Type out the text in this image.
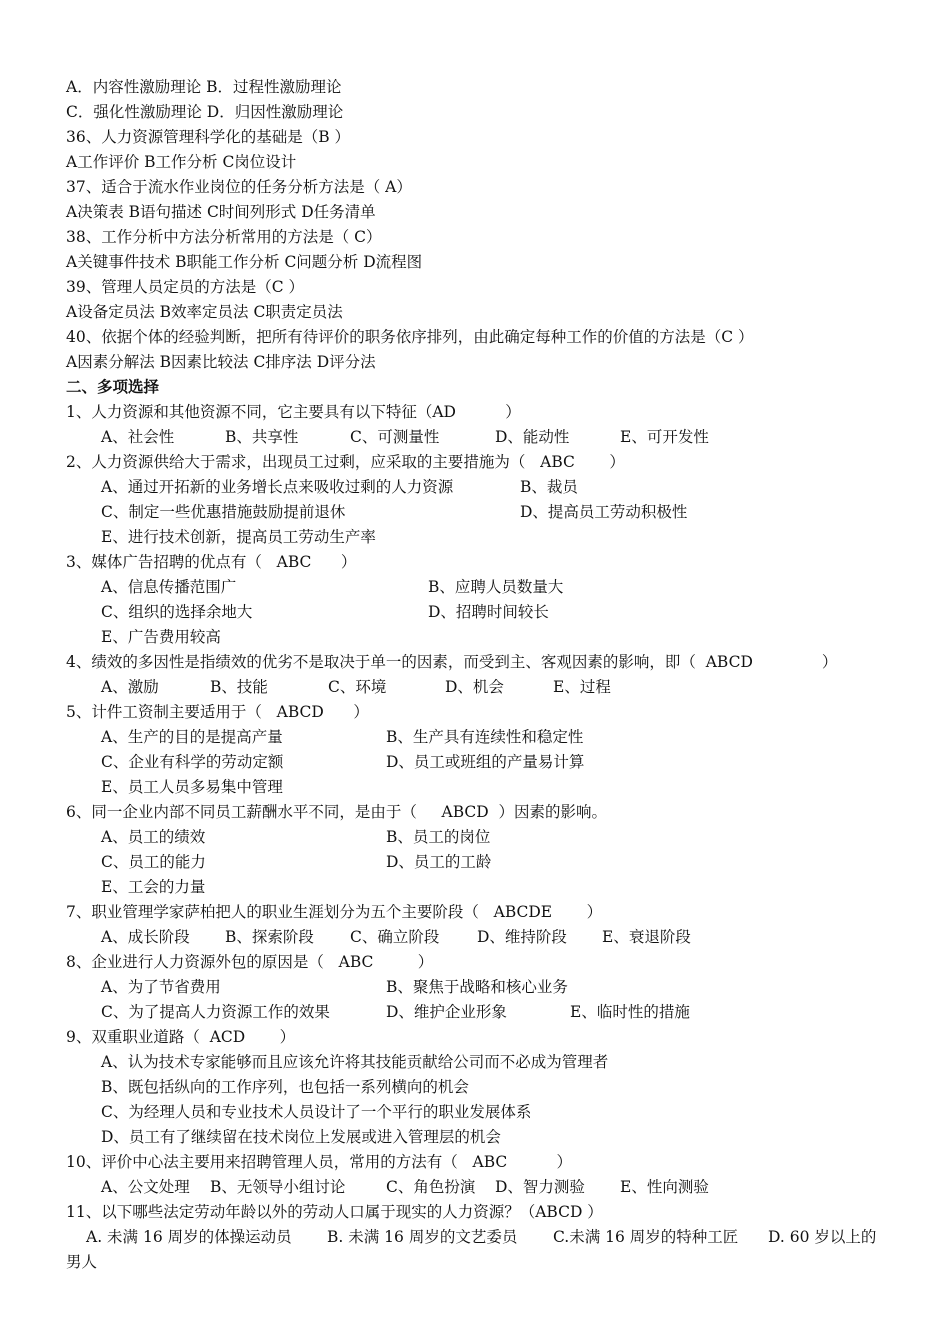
A．内容性激励理论 B．过程性激励理论
C．强化性激励理论 D．归因性激励理论
36、人力资源管理科学化的基础是（B ）
A工作评价 B工作分析 C岗位设计
37、适合于流水作业岗位的任务分析方法是（ A）
A决策表 B语句描述 C时间列形式 D任务清单
38、工作分析中方法分析常用的方法是（ C）
A关键事件技术 B职能工作分析 C问题分析 D流程图
39、管理人员定员的方法是（C ）
A设备定员法 B效率定员法 C职责定员法
40、依据个体的经验判断，把所有待评价的职务依序排列，由此确定每种工作的价值的方法是（C ）
A因素分解法 B因素比较法 C排序法 D评分法
二、多项选择
1、人力资源和其他资源不同，它主要具有以下特征（AD          ）
A、社会性	B、共享性	C、可测量性	D、能动性	E、可开发性
2、人力资源供给大于需求，出现员工过剩，应采取的主要措施为（   ABC       ）
A、通过开拓新的业务增长点来吸收过剩的人力资源	B、裁员
C、制定一些优惠措施鼓励提前退休	D、提高员工劳动积极性
E、进行技术创新，提高员工劳动生产率
3、媒体广告招聘的优点有（   ABC      ）
A、信息传播范围广	B、应聘人员数量大
C、组织的选择余地大	D、招聘时间较长
E、广告费用较高
4、绩效的多因性是指绩效的优劣不是取决于单一的因素，而受到主、客观因素的影响，即（  ABCD              ）
A、激励	B、技能	C、环境	D、机会	E、过程
5、计件工资制主要适用于（   ABCD      ）
A、生产的目的是提高产量	B、生产具有连续性和稳定性
C、企业有科学的劳动定额	D、员工或班组的产量易计算
E、员工人员多易集中管理
6、同一企业内部不同员工薪酬水平不同，是由于（     ABCD  ）因素的影响。
A、员工的绩效	B、员工的岗位
C、员工的能力	D、员工的工龄
E、工会的力量
7、职业管理学家萨柏把人的职业生涯划分为五个主要阶段（   ABCDE       ）
A、成长阶段 B、探索阶段 C、确立阶段 D、维持阶段 E、衰退阶段
8、企业进行人力资源外包的原因是（   ABC         ）
A、为了节省费用	B、聚焦于战略和核心业务
C、为了提高人力资源工作的效果	D、维护企业形象	E、临时性的措施
9、双重职业道路（  ACD       ）
A、认为技术专家能够而且应该允许将其技能贡献给公司而不必成为管理者
B、既包括纵向的工作序列，也包括一系列横向的机会
C、为经理人员和专业技术人员设计了一个平行的职业发展体系
D、员工有了继续留在技术岗位上发展或进入管理层的机会
10、评价中心法主要用来招聘管理人员，常用的方法有（   ABC          ）
A、公文处理 B、无领导小组讨论	C、角色扮演 D、智力测验 E、性向测验
11、以下哪些法定劳动年龄以外的劳动人口属于现实的人力资源？（ABCD ）
A. 未满 16 周岁的体操运动员 B. 未满 16 周岁的文艺委员 C.未满 16 周岁的特种工匠 D. 60 岁以上的
男人
